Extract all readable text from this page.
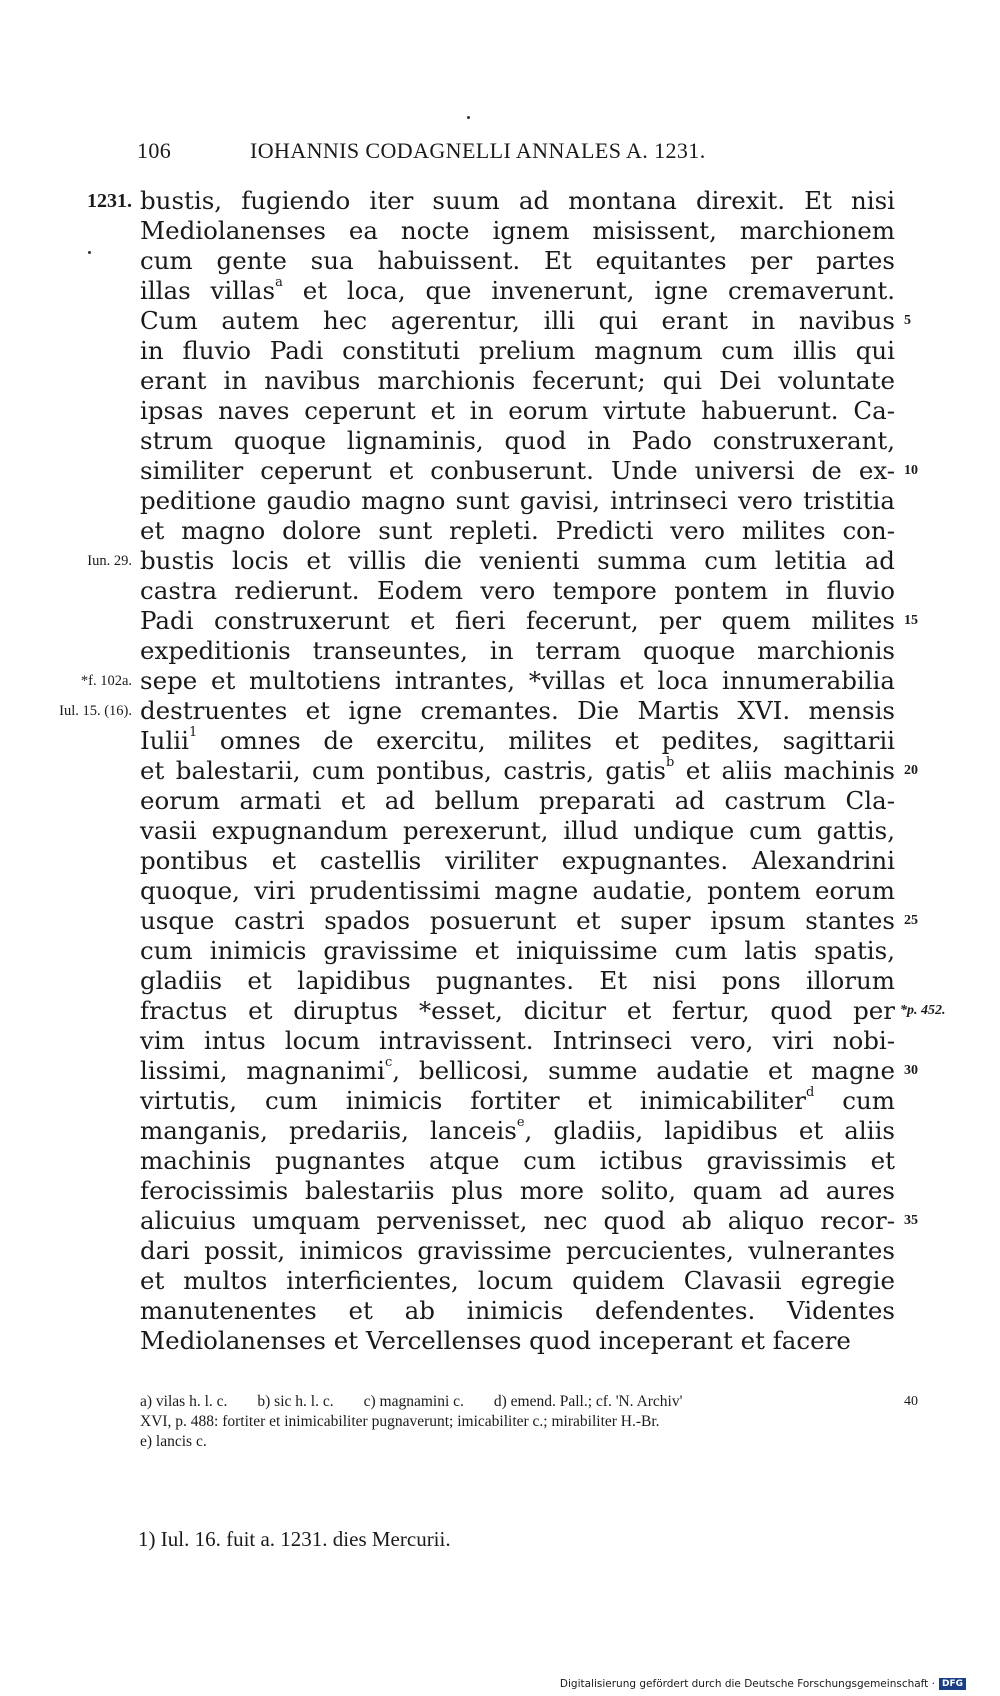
106	IOHANNIS CODAGNELLI ANNALES A. 1231.
1231.
Iun. 29.
*f. 102a.
Iul. 15. (16).
*p. 452.
bustis, fugiendo iter suum ad montana direxit. Et nisi
Mediolanenses ea nocte ignem misissent, marchionem
cum gente sua habuissent. Et equitantes per partes
illas villas$^a$ et loca, que invenerunt, igne cremaverunt.
Cum autem hec agerentur, illi qui erant in navibus 5
in fluvio Padi constituti prelium magnum cum illis qui
erant in navibus marchionis fecerunt; qui Dei voluntate
ipsas naves ceperunt et in eorum virtute habuerunt. Ca-
strum quoque lignaminis, quod in Pado construxerant,
similiter ceperunt et conbuserunt. Unde universi de ex- 10
peditione gaudio magno sunt gavisi, intrinseci vero tristitia
et magno dolore sunt repleti. Predicti vero milites con-
bustis locis et villis die venienti summa cum letitia ad
castra redierunt. Eodem vero tempore pontem in fluvio
Padi construxerunt et fieri fecerunt, per quem milites 15
expeditionis transeuntes, in terram quoque marchionis
sepe et multotiens intrantes, *villas et loca innumerabilia
destruentes et igne cremantes. Die Martis XVI. mensis
Iulii$^1$ omnes de exercitu, milites et pedites, sagittarii
et balestarii, cum pontibus, castris, gatis$^b$ et aliis machinis 20
eorum armati et ad bellum preparati ad castrum Cla-
vasii expugnandum perexerunt, illud undique cum gattis,
pontibus et castellis viriliter expugnantes. Alexandrini
quoque, viri prudentissimi magne audatie, pontem eorum
usque castri spados posuerunt et super ipsum stantes 25
cum inimicis gravissime et iniquissime cum latis spatis,
gladiis et lapidibus pugnantes. Et nisi pons illorum
fractus et diruptus *esset, dicitur et fertur, quod per
vim intus locum intravissent. Intrinseci vero, viri nobi-
lissimi, magnanimi$^c$, bellicosi, summe audatie et magne 30
virtutis, cum inimicis fortiter et inimicabiliter$^d$ cum
manganis, predariis, lanceis$^e$, gladiis, lapidibus et aliis
machinis pugnantes atque cum ictibus gravissimis et
ferocissimis balestariis plus more solito, quam ad aures
alicuius umquam pervenisset, nec quod ab aliquo recor- 35
dari possit, inimicos gravissime percucientes, vulnerantes
et multos interficientes, locum quidem Clavasii egregie
manutenentes et ab inimicis defendentes. Videntes
Mediolanenses et Vercellenses quod inceperant et facere
a) vilas h. l. c. b) sic h. l. c. c) magnamini c. d) emend. Pall.; cf. 'N. Archiv'	40
XVI, p. 488: fortiter et inimicabiliter pugnaverunt; imicabiliter c.; mirabiliter H.-Br.
e) lancis c.
1) Iul. 16. fuit a. 1231. dies Mercurii.
Digitalisierung gefördert durch die Deutsche Forschungsgemeinschaft · DFG
